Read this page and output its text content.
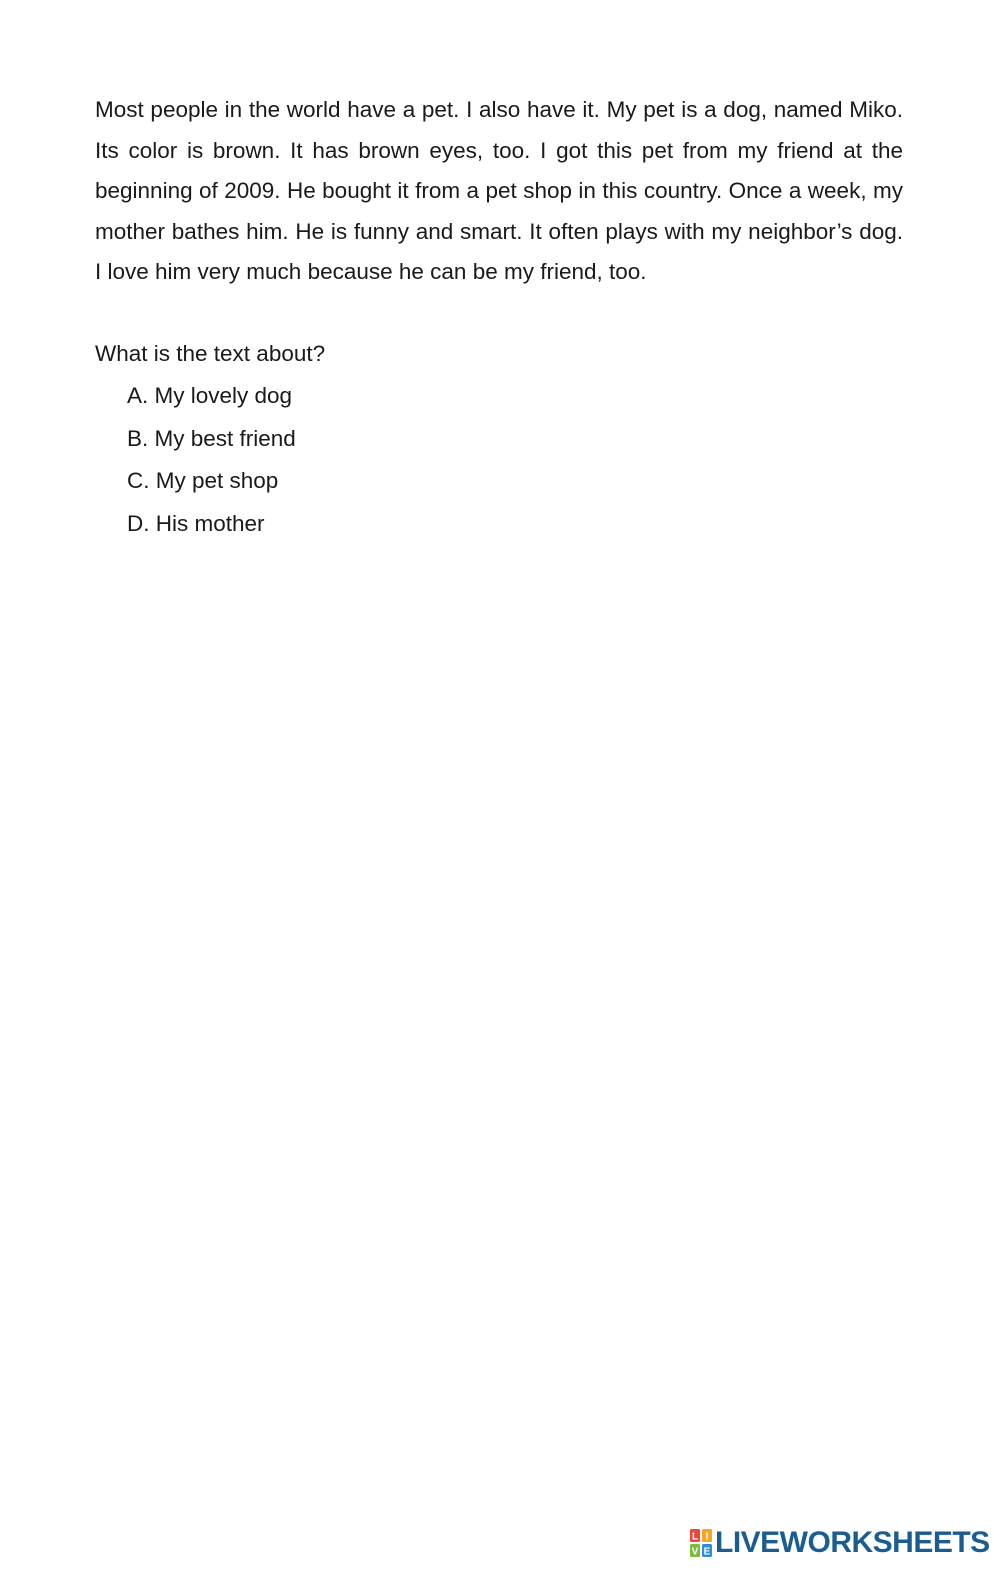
Most people in the world have a pet. I also have it. My pet is a dog, named Miko. Its color is brown. It has brown eyes, too. I got this pet from my friend at the beginning of 2009. He bought it from a pet shop in this country. Once a week, my mother bathes him. He is funny and smart. It often plays with my neighbor’s dog. I love him very much because he can be my friend, too.

What is the text about?

A. My lovely dog
B. My best friend
C. My pet shop
D. His mother
L I
V E LIVEWORKSHEETS
